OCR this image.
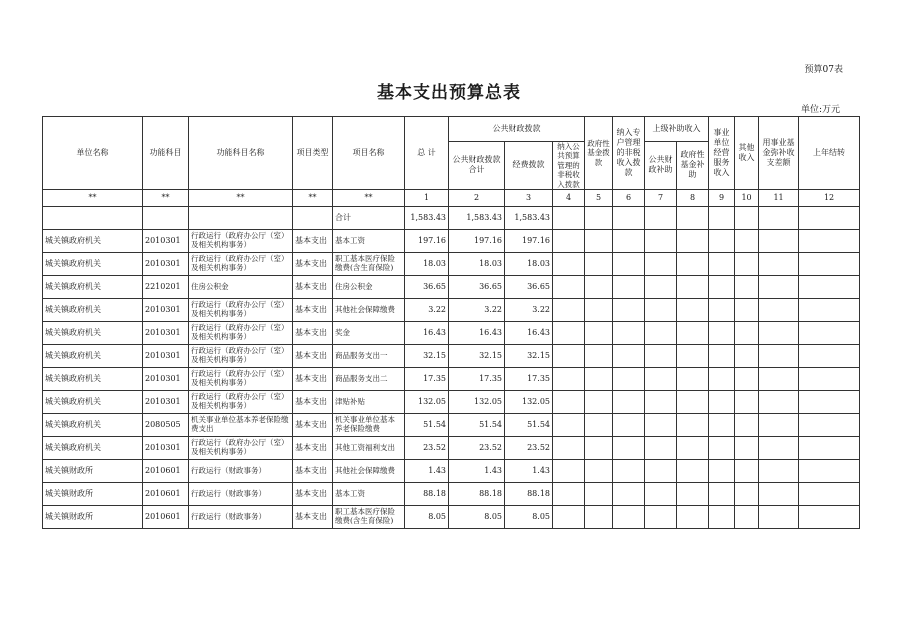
预算07表
基本支出预算总表
单位:万元
单位名称	功能科目	功能科目名称	项目类型	项目名称	总 计	公共财政拨款			政府性基金拨款	纳入专户管理的非税收入拨款	上级补助收入		事业单位经营服务收入	其他收入	用事业基金弥补收支差额	上年结转
						公共财政拨款合计	经费拨款	纳入公共预算管理的非税收入拨款								
											公共财政补助	政府性基金补助				
**	**	**	**	**	1	2	3	4	5	6	7	8	9	10	11	12
				合计	1,583.43	1,583.43	1,583.43									
城关镇政府机关	2010301	行政运行（政府办公厅（室）及相关机构事务）	基本支出	基本工资	197.16	197.16	197.16									
城关镇政府机关	2010301	行政运行（政府办公厅（室）及相关机构事务）	基本支出	职工基本医疗保险缴费(含生育保险)	18.03	18.03	18.03									
城关镇政府机关	2210201	住房公积金	基本支出	住房公积金	36.65	36.65	36.65									
城关镇政府机关	2010301	行政运行（政府办公厅（室）及相关机构事务）	基本支出	其他社会保障缴费	3.22	3.22	3.22									
城关镇政府机关	2010301	行政运行（政府办公厅（室）及相关机构事务）	基本支出	奖金	16.43	16.43	16.43									
城关镇政府机关	2010301	行政运行（政府办公厅（室）及相关机构事务）	基本支出	商品服务支出一	32.15	32.15	32.15									
城关镇政府机关	2010301	行政运行（政府办公厅（室）及相关机构事务）	基本支出	商品服务支出二	17.35	17.35	17.35									
城关镇政府机关	2010301	行政运行（政府办公厅（室）及相关机构事务）	基本支出	津贴补贴	132.05	132.05	132.05									
城关镇政府机关	2080505	机关事业单位基本养老保险缴费支出	基本支出	机关事业单位基本养老保险缴费	51.54	51.54	51.54									
城关镇政府机关	2010301	行政运行（政府办公厅（室）及相关机构事务）	基本支出	其他工资福利支出	23.52	23.52	23.52									
城关镇财政所	2010601	行政运行（财政事务）	基本支出	其他社会保障缴费	1.43	1.43	1.43									
城关镇财政所	2010601	行政运行（财政事务）	基本支出	基本工资	88.18	88.18	88.18									
城关镇财政所	2010601	行政运行（财政事务）	基本支出	职工基本医疗保险缴费(含生育保险)	8.05	8.05	8.05									
